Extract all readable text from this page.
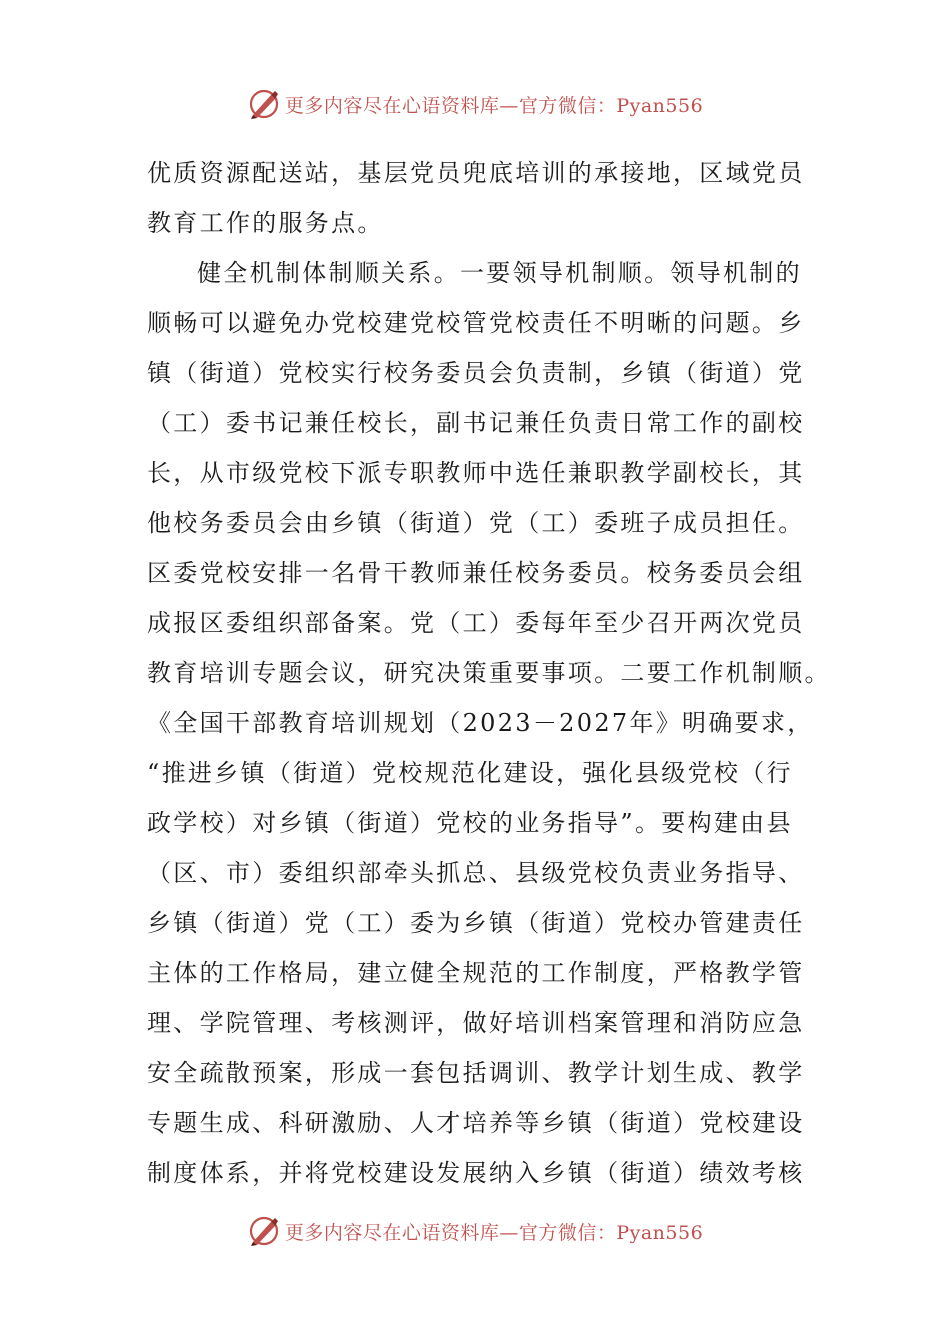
更多内容尽在心语资料库—官方微信：Pyan556
优质资源配送站，基层党员兜底培训的承接地，区域党员
教育工作的服务点。
健全机制体制顺关系。一要领导机制顺。领导机制的
顺畅可以避免办党校建党校管党校责任不明晰的问题。乡
镇（街道）党校实行校务委员会负责制，乡镇（街道）党
（工）委书记兼任校长，副书记兼任负责日常工作的副校
长，从市级党校下派专职教师中选任兼职教学副校长，其
他校务委员会由乡镇（街道）党（工）委班子成员担任。
区委党校安排一名骨干教师兼任校务委员。校务委员会组
成报区委组织部备案。党（工）委每年至少召开两次党员
教育培训专题会议，研究决策重要事项。二要工作机制顺。
《全国干部教育培训规划（2023－2027年》明确要求，
“推进乡镇（街道）党校规范化建设，强化县级党校（行
政学校）对乡镇（街道）党校的业务指导”。要构建由县
（区、市）委组织部牵头抓总、县级党校负责业务指导、
乡镇（街道）党（工）委为乡镇（街道）党校办管建责任
主体的工作格局，建立健全规范的工作制度，严格教学管
理、学院管理、考核测评，做好培训档案管理和消防应急
安全疏散预案，形成一套包括调训、教学计划生成、教学
专题生成、科研激励、人才培养等乡镇（街道）党校建设
制度体系，并将党校建设发展纳入乡镇（街道）绩效考核
更多内容尽在心语资料库—官方微信：Pyan556
